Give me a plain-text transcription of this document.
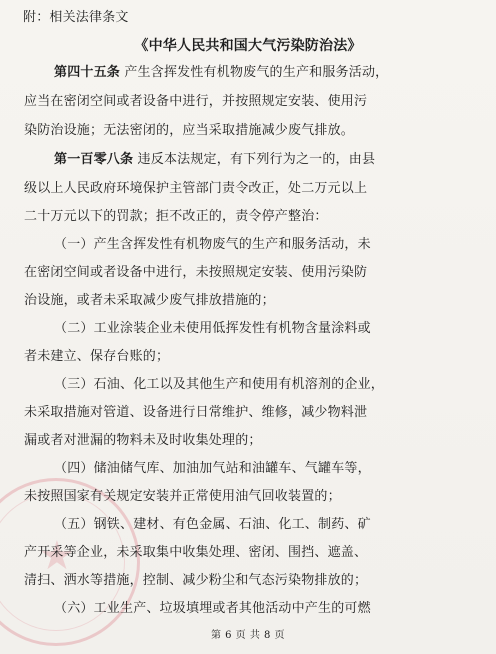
★
附：相关法律条文
《中华人民共和国大气污染防治法》
第四十五条 产生含挥发性有机物废气的生产和服务活动，
应当在密闭空间或者设备中进行，并按照规定安装、使用污
染防治设施；无法密闭的，应当采取措施减少废气排放。
第一百零八条 违反本法规定，有下列行为之一的，由县
级以上人民政府环境保护主管部门责令改正，处二万元以上
二十万元以下的罚款；拒不改正的，责令停产整治：
（一）产生含挥发性有机物废气的生产和服务活动，未
在密闭空间或者设备中进行，未按照规定安装、使用污染防
治设施，或者未采取减少废气排放措施的；
（二）工业涂装企业未使用低挥发性有机物含量涂料或
者未建立、保存台账的；
（三）石油、化工以及其他生产和使用有机溶剂的企业，
未采取措施对管道、设备进行日常维护、维修，减少物料泄
漏或者对泄漏的物料未及时收集处理的；
（四）储油储气库、加油加气站和油罐车、气罐车等，
未按照国家有关规定安装并正常使用油气回收装置的；
（五）钢铁、建材、有色金属、石油、化工、制药、矿
产开采等企业，未采取集中收集处理、密闭、围挡、遮盖、
清扫、洒水等措施，控制、减少粉尘和气态污染物排放的；
（六）工业生产、垃圾填埋或者其他活动中产生的可燃
第 6 页 共 8 页
